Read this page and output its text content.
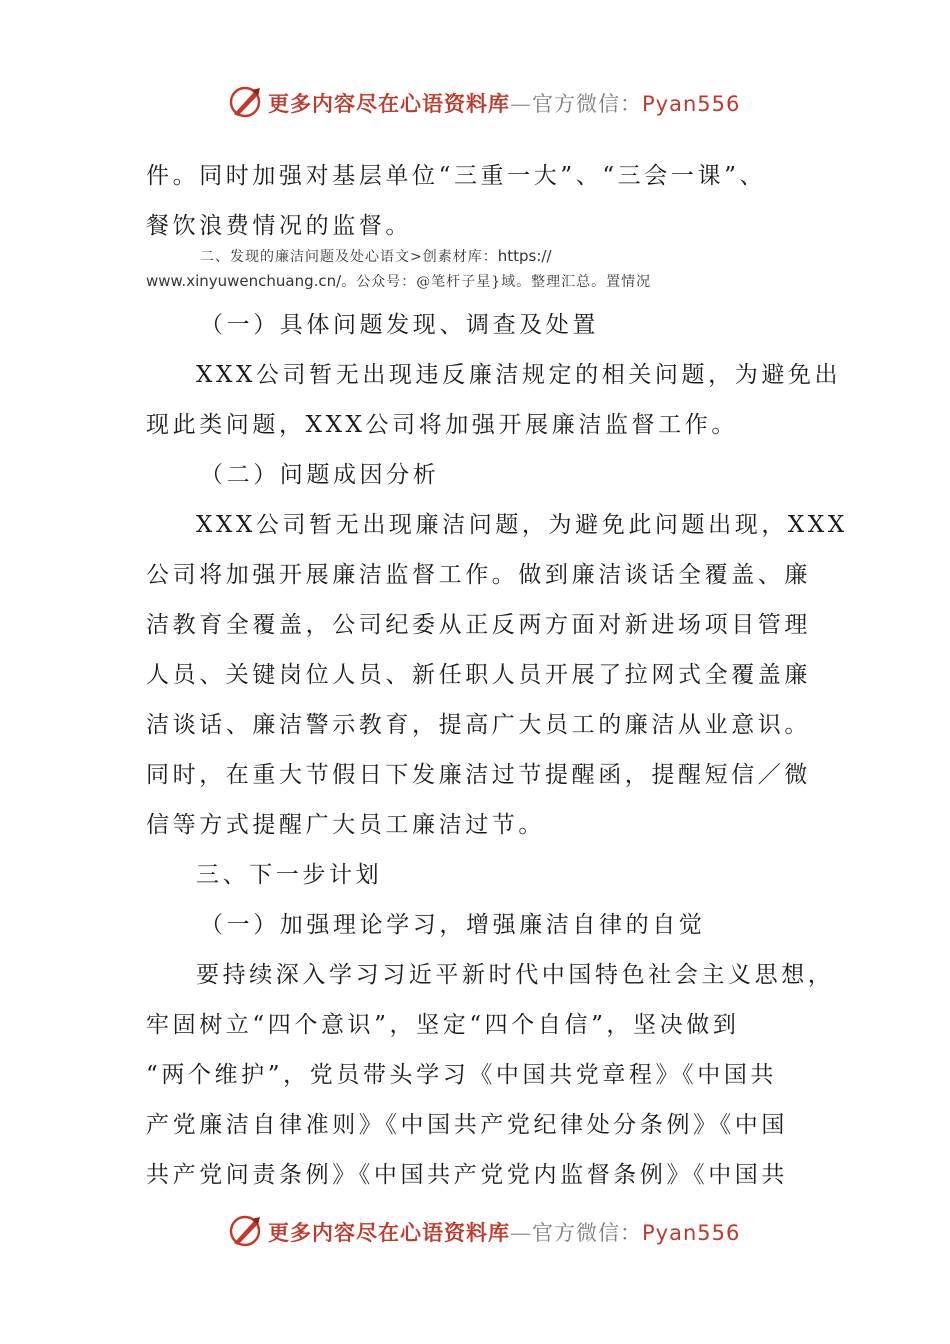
更多内容尽在心语资料库—官方微信：Pyan556
件。同时加强对基层单位“三重一大”、“三会一课”、
餐饮浪费情况的监督。
二、发现的廉洁问题及处心语文>创素材库：https://
www.xinyuwenchuang.cn/。公众号：@笔杆子星}域。整理汇总。置情况
（一）具体问题发现、调查及处置
XXX公司暂无出现违反廉洁规定的相关问题，为避免出
现此类问题，XXX公司将加强开展廉洁监督工作。
（二）问题成因分析
XXX公司暂无出现廉洁问题，为避免此问题出现，XXX
公司将加强开展廉洁监督工作。做到廉洁谈话全覆盖、廉
洁教育全覆盖，公司纪委从正反两方面对新进场项目管理
人员、关键岗位人员、新任职人员开展了拉网式全覆盖廉
洁谈话、廉洁警示教育，提高广大员工的廉洁从业意识。
同时，在重大节假日下发廉洁过节提醒函，提醒短信／微
信等方式提醒广大员工廉洁过节。
三、下一步计划
（一）加强理论学习，增强廉洁自律的自觉
要持续深入学习习近平新时代中国特色社会主义思想，
牢固树立“四个意识”，坚定“四个自信”，坚决做到
“两个维护”，党员带头学习《中国共党章程》《中国共
产党廉洁自律准则》《中国共产党纪律处分条例》《中国
共产党问责条例》《中国共产党党内监督条例》《中国共
更多内容尽在心语资料库—官方微信：Pyan556
